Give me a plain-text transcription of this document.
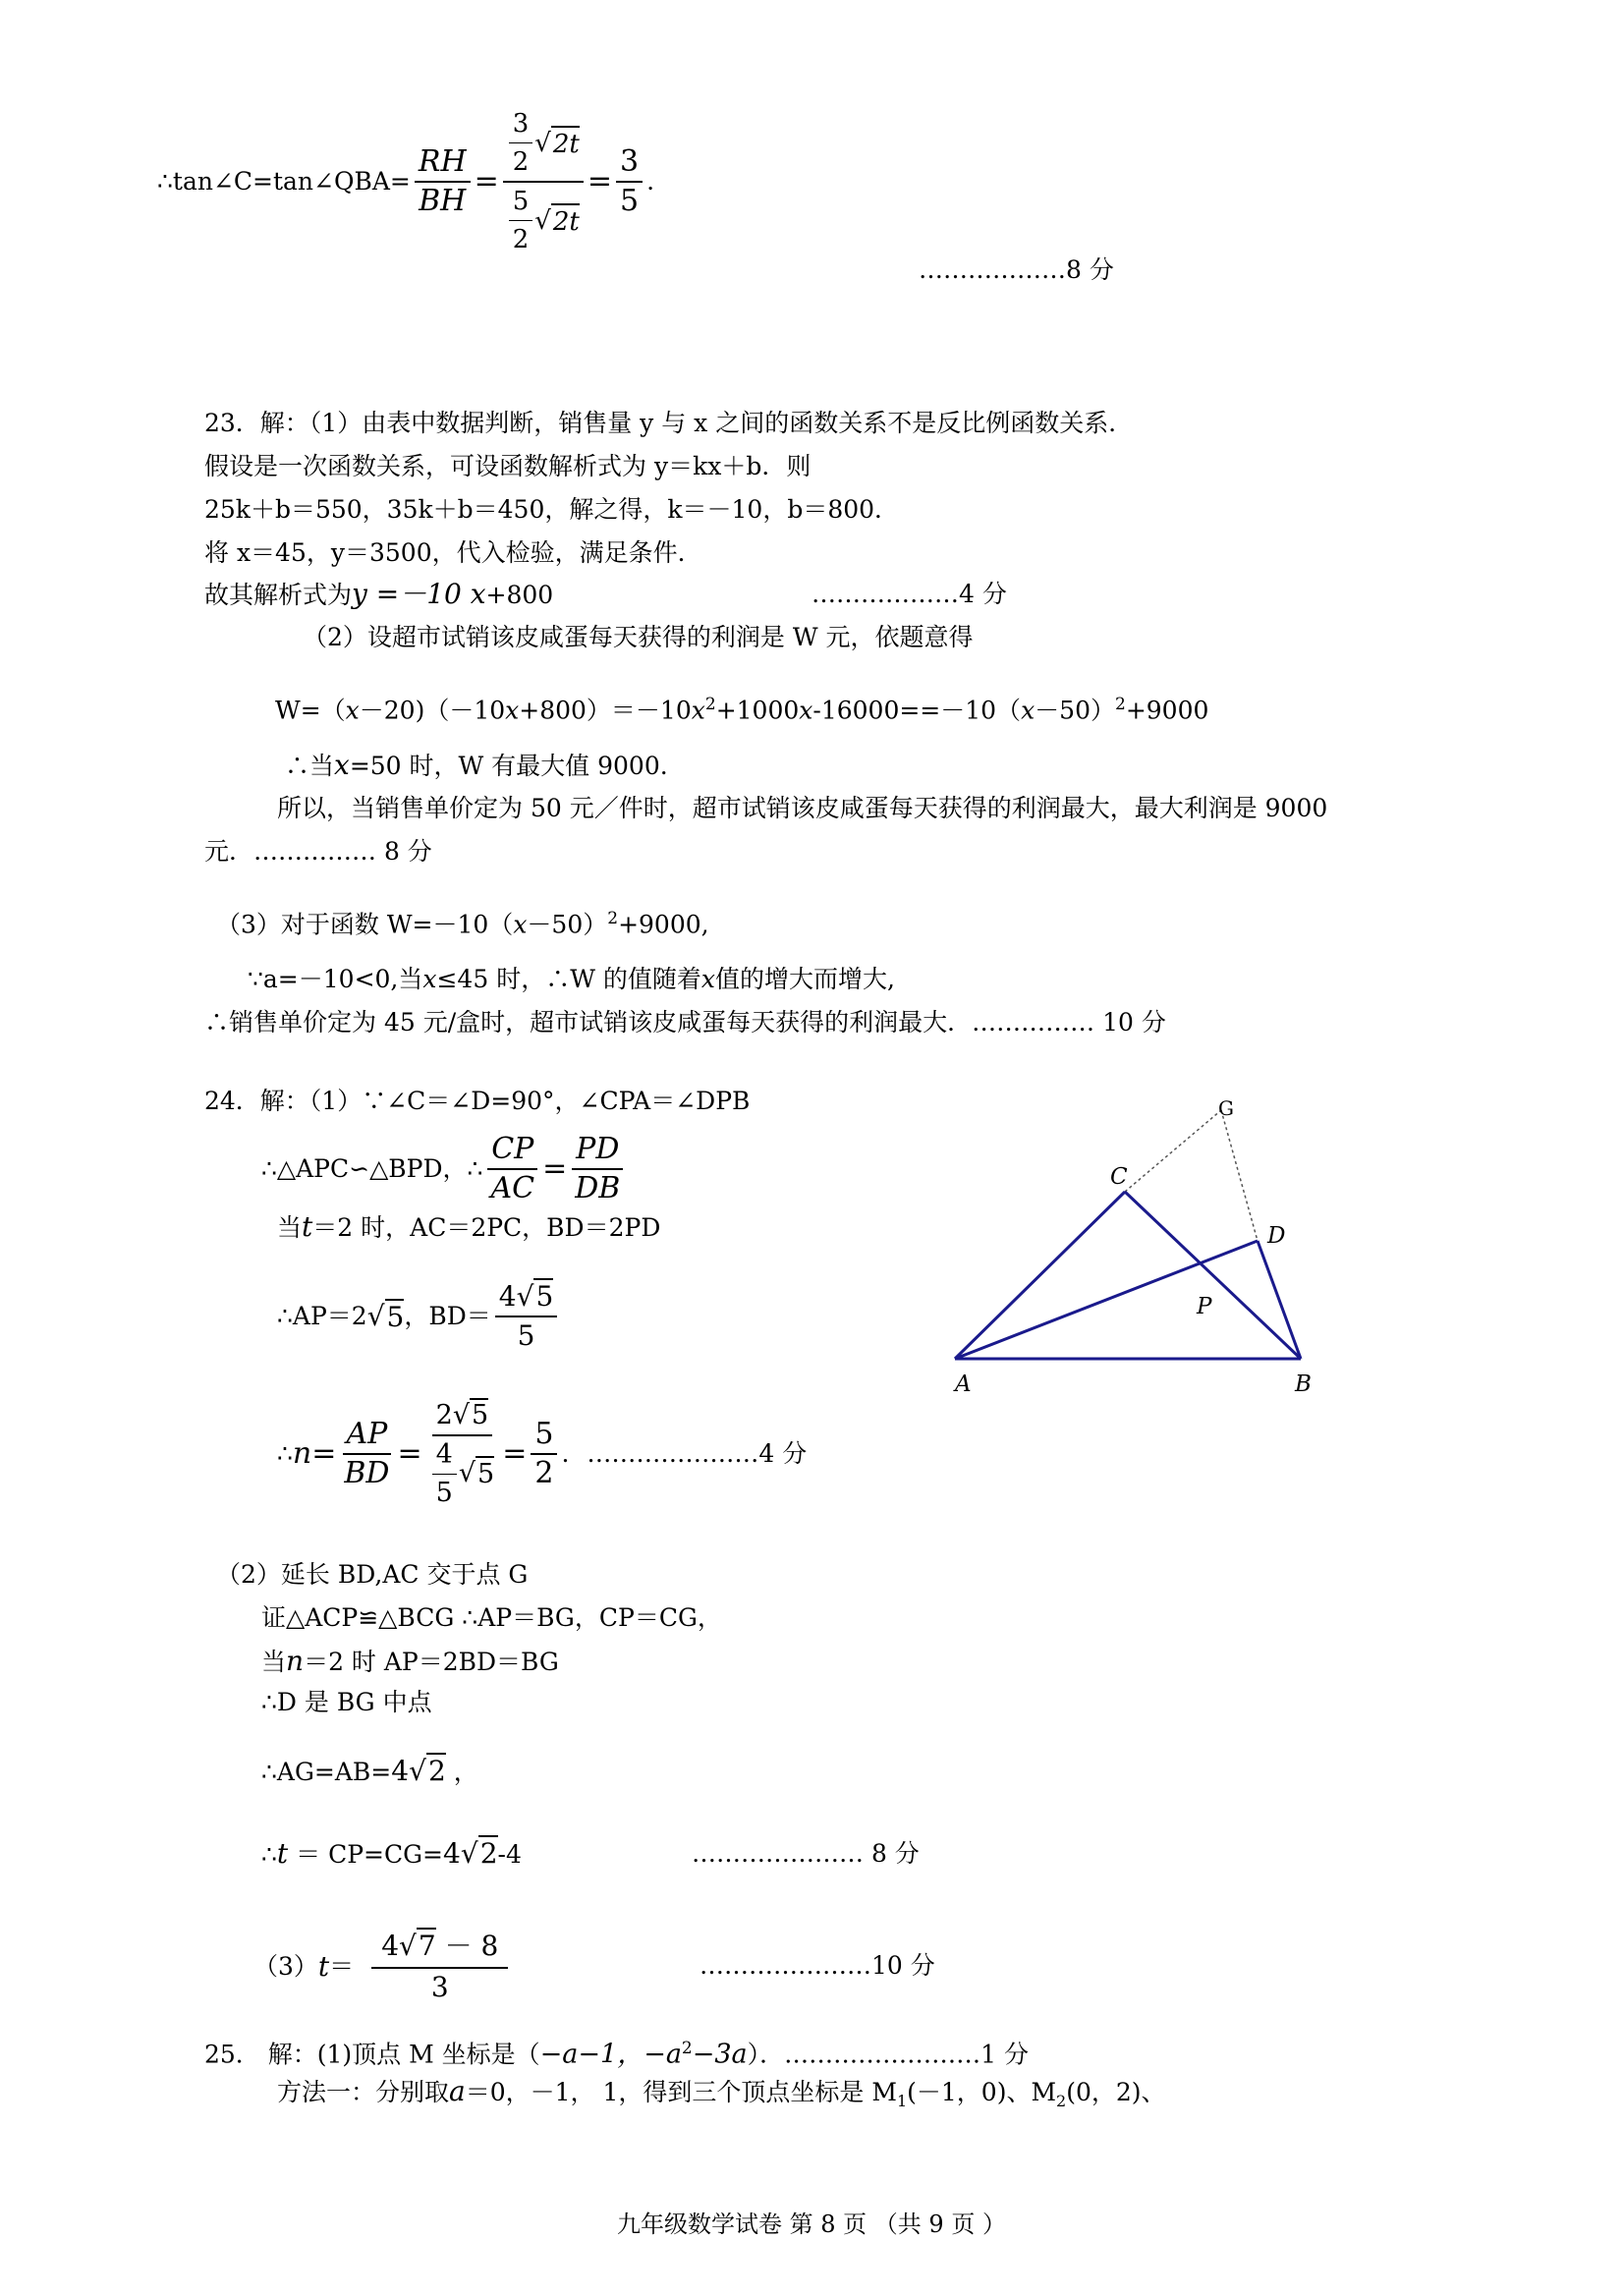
∴tan∠C=tan∠QBA= $\frac{RH}{BH} = \frac{\frac{3}{2} √ 2t}{\frac{5}{2} √ 2t} = \frac{3}{5}$ .
………………8 分
23．解：（1）由表中数据判断，销售量 y 与 x 之间的函数关系不是反比例函数关系．
假设是一次函数关系，可设函数解析式为 y＝kx＋b．则
25k＋b＝550，35k＋b＝450，解之得，k＝－10，b＝800．
将 x＝45，y＝3500，代入检验，满足条件．
故其解析式为y =－10 x+800	………………4 分
（2）设超市试销该皮咸蛋每天获得的利润是 W 元，依题意得
$W=(x-20)(-10x+800)=-10x^2+1000x-16000==-10(x-50)^2+9000$
∴当x=50 时，W 有最大值 9000.
所以，当销售单价定为 50 元／件时，超市试销该皮咸蛋每天获得的利润最大，最大利润是 9000
元．…………… 8 分
（3）对于函数 $W=-10(x-50)^2+9000$,
∵a=－10<0,当x≤45 时，∴W 的值随着x值的增大而增大,
∴销售单价定为 45 元/盒时，超市试销该皮咸蛋每天获得的利润最大．…………… 10 分
24．解：（1）∵∠C＝∠D=90°，∠CPA＝∠DPB
∴△APC∽△BPD，∴ $\frac{CP}{AC} = \frac{PD}{DB}$
当t＝2 时，AC＝2PC，BD＝2PD
∴AP＝2 √ 5 ，$BD= \frac{4√5}{5}$
∴ $n = \frac{AP}{BD} = \frac{2√5}{\frac{4}{5} √ 5} = \frac{5}{2}$ . …………………4 分
（2）延长 BD,AC 交于点 G
证△ACP≌△BCG ∴AP＝BG，CP＝CG，
当n＝2 时 AP＝2BD＝BG
∴D 是 BG 中点
∴AG=AB=4√2 ，
∴t ＝ CP=CG=4√2-4	………………… 8 分
（3） $t = \frac{4√7 - 8}{3}$	…………………10 分
25． 解：(1)顶点 M 坐标是（−a−1，$-a^2-3a$）．……………………1 分
方法一：分别取a＝0，－1， 1，得到三个顶点坐标是 $M_1(-1$，0)、$M_2(0$，2)、
A	B
C
D
P
G
九年级数学试卷 第 8 页 （共 9 页 ）
